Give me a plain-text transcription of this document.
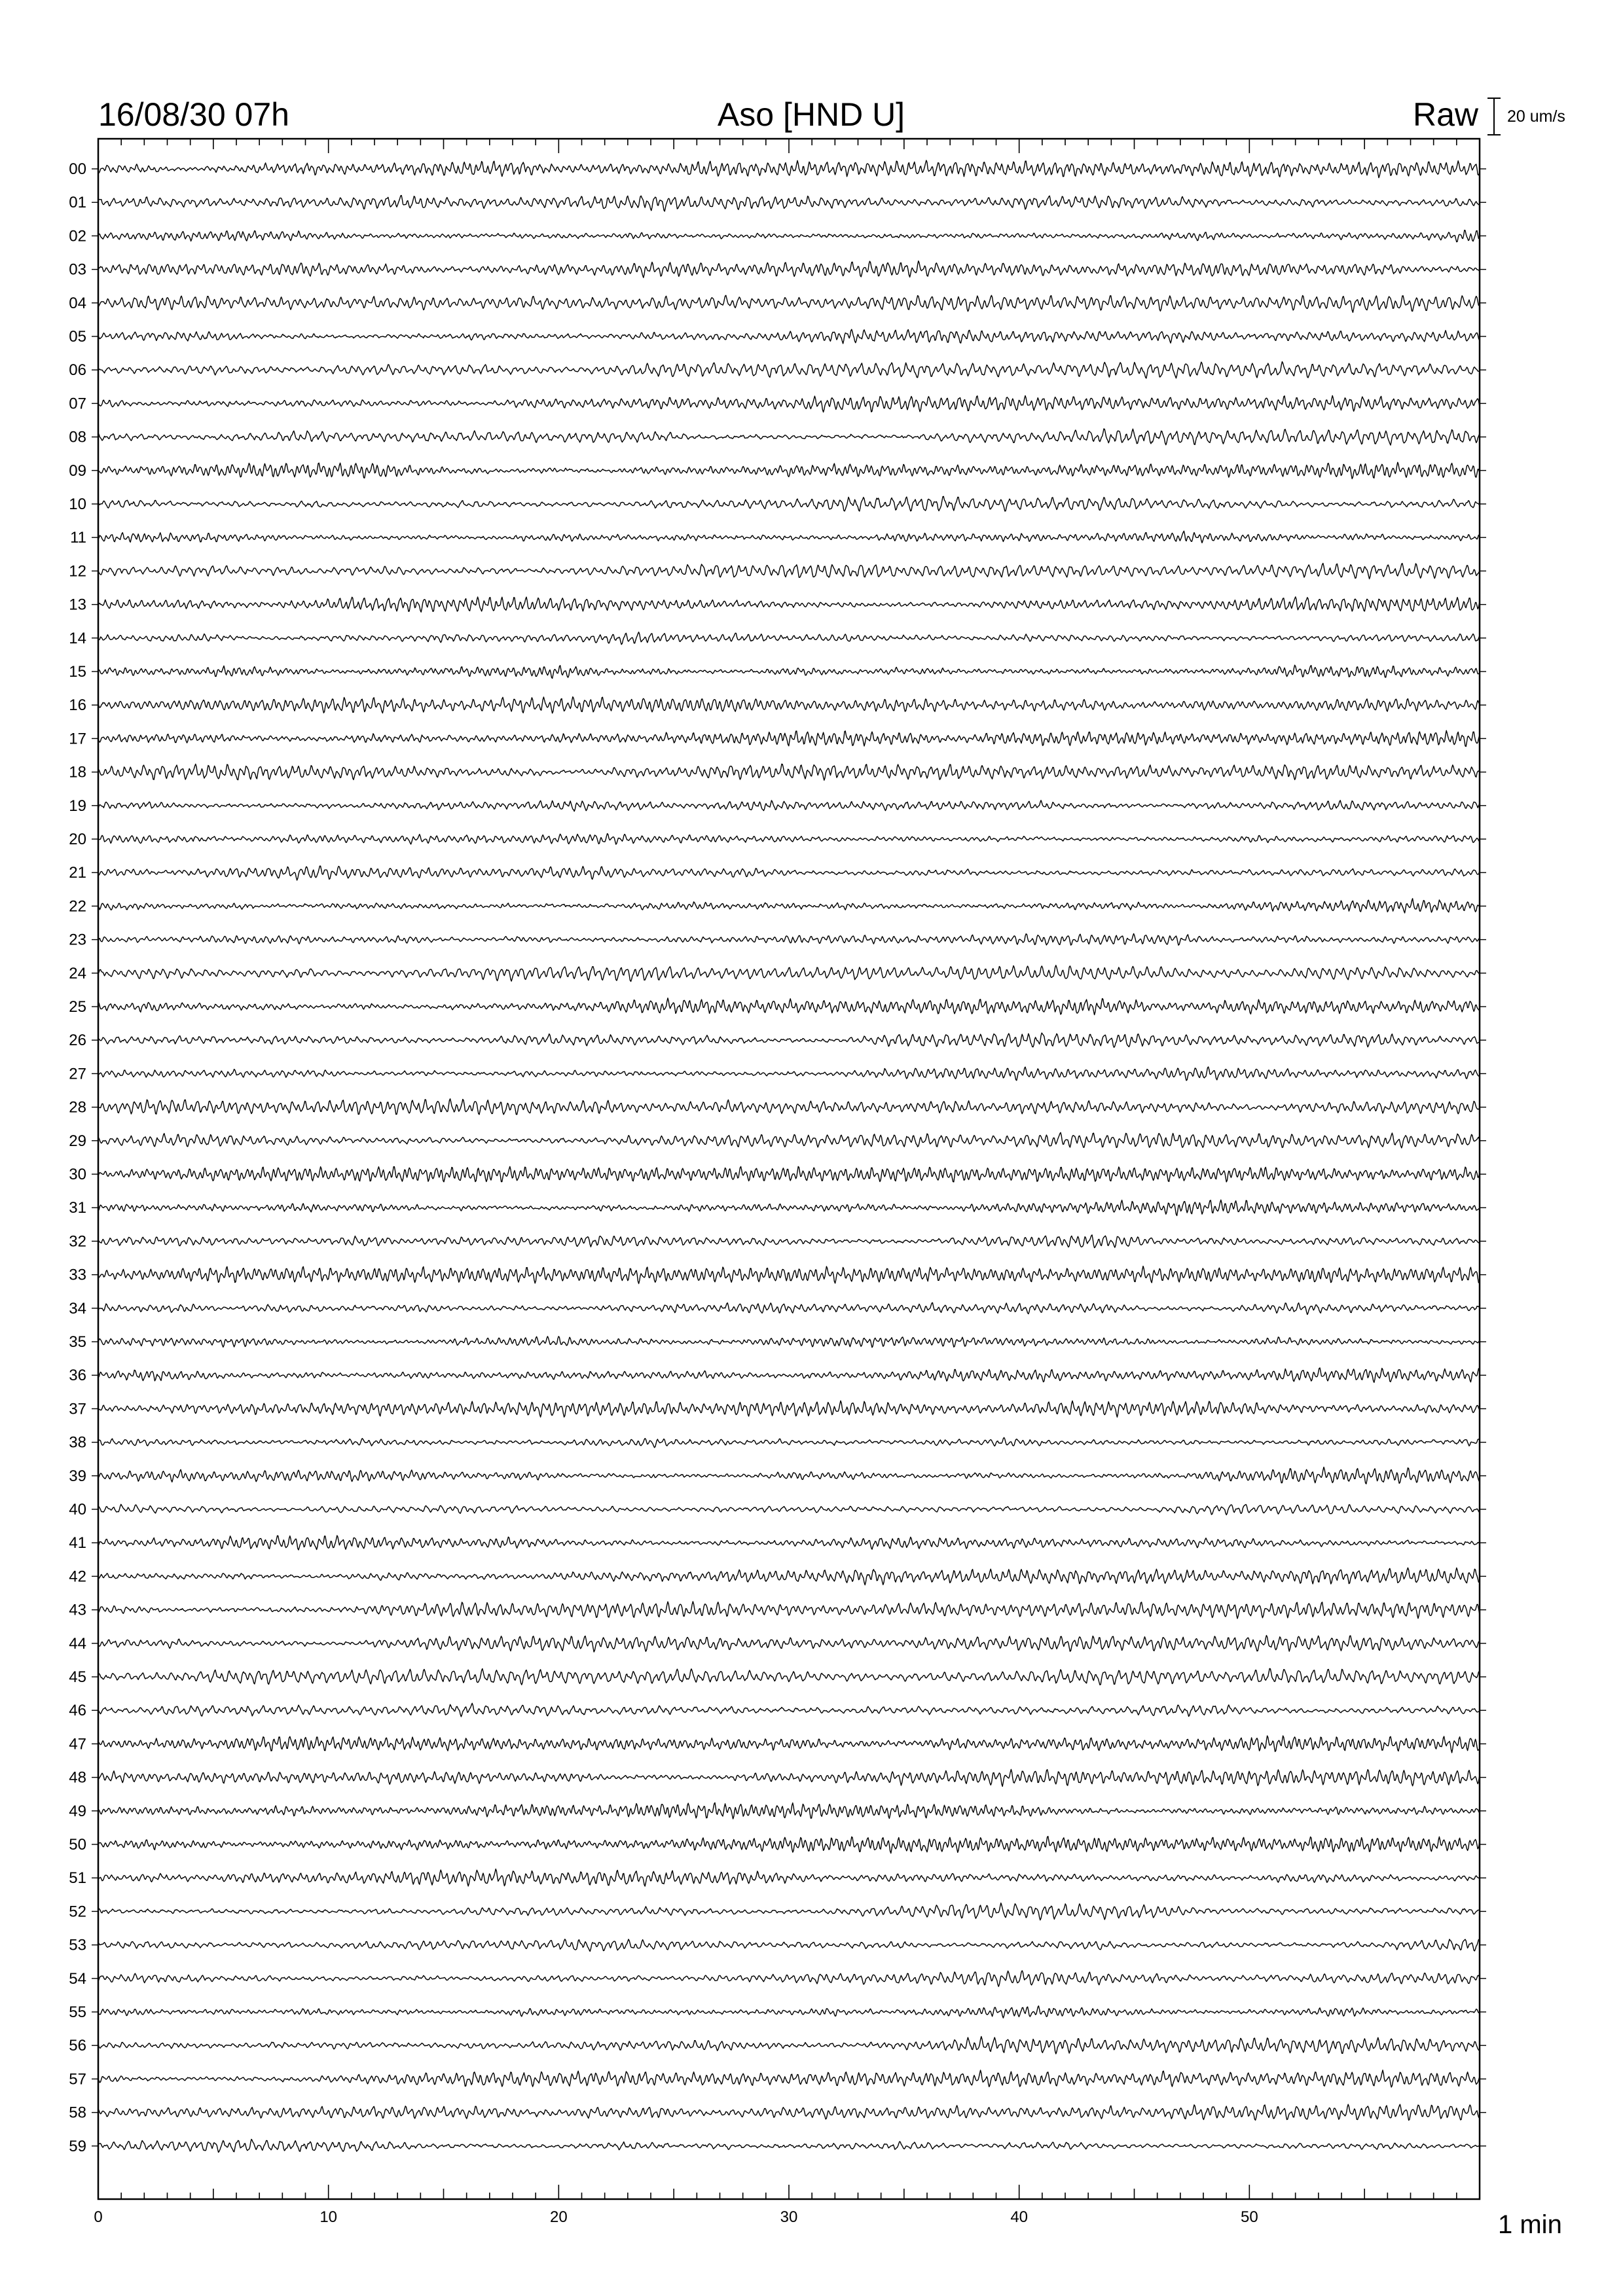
16/08/30 07h	Aso [HND U]	Raw 20 um/s
00
01
02
03
04
05
06
07
08
09
10
11
12
13
14
15
16
17
18
19
20
21
22
23
24
25
26
27
28
29
30
31
32
33
34
35
36
37
38
39
40
41
42
43
44
45
46
47
48
49
50
51
52
53
54
55
56
57
58
59
0	10	20	30	40	50	1 min
